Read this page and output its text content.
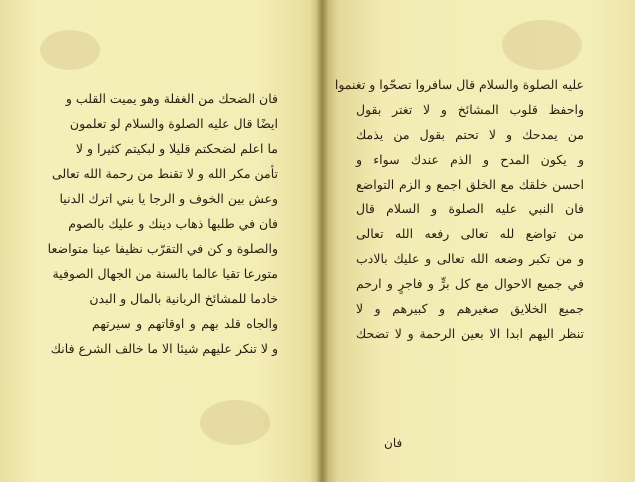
فان الضحك من الغفلة وهو يميت القلب و
ايضًا قال عليه الصلوة والسلام لو تعلمون
ما اعلم لضحكتم قليلا و لبكيتم كثيرا و لا
تأمن مكر الله و لا تقنط من رحمة الله تعالى
وعش بين الخوف و الرجا يا بني اترك الدنيا
فان في طلبها ذهاب دينك و عليك بالصوم
والصلوة و كن في التقرّب نظيفا عينا متواضعا
متورعا تقيا عالما بالسنة من الجهال الصوفية
خادما للمشائخ الربانية بالمال و البدن
والجاه قلد بهم و اوقاتهم و سيرتهم
و لا تنكر عليهم شيئا الا ما خالف الشرع فانك
عليه الصلوة والسلام قال سافروا تصحّوا و تغنموا
واحفظ قلوب المشائخ و لا تغتر بقول
من يمدحك و لا تحتم بقول من يذمك
و يكون المدح و الذم عندك سواء و
احسن خلقك مع الخلق اجمع و الزم التواضع
فان النبي عليه الصلوة و السلام قال
من تواضع لله تعالى رفعه الله تعالى
و من تكبر وضعه الله تعالى و عليك بالادب
في جميع الاحوال مع كل برٍّ و فاجرٍ و ارحم
جميع الخلايق صغيرهم و كبيرهم و لا
تنظر اليهم ابدا الا بعين الرحمة و لا تضحك
فان
